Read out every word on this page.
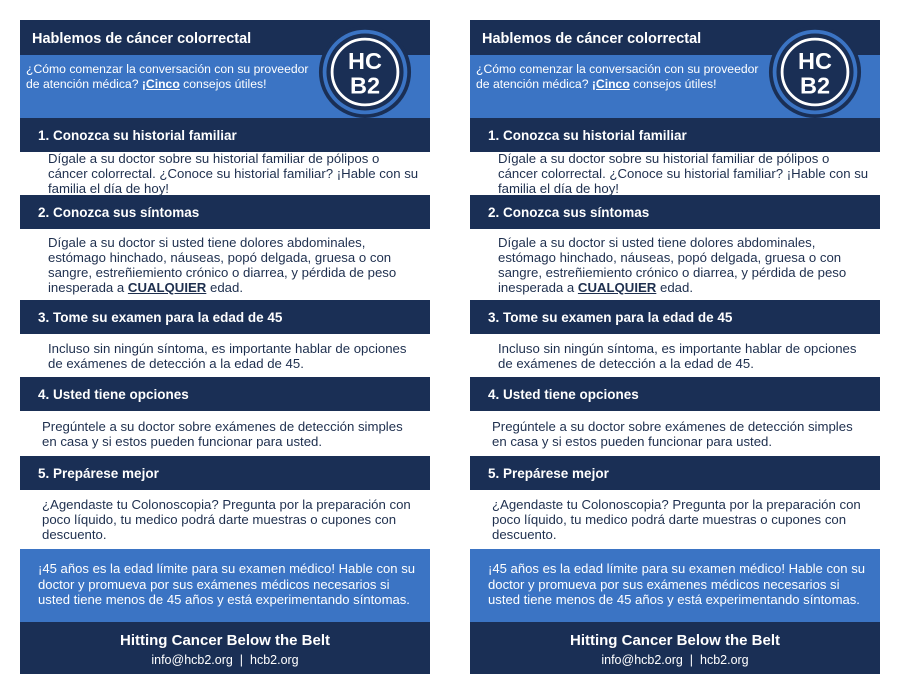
Hablemos de cáncer colorrectal
¿Cómo comenzar la conversación con su proveedor de atención médica? ¡Cinco consejos útiles!
HC
B2
1. Conozca su historial familiar
Dígale a su doctor sobre su historial familiar de pólipos o cáncer colorrectal. ¿Conoce su historial familiar? ¡Hable con su familia el día de hoy!
2. Conozca sus síntomas
Dígale a su doctor si usted tiene dolores abdominales, estómago hinchado, náuseas, popó delgada, gruesa o con sangre, estreñiemiento crónico o diarrea, y pérdida de peso inesperada a CUALQUIER edad.
3. Tome su examen para la edad de 45
Incluso sin ningún síntoma, es importante hablar de opciones de exámenes de detección a la edad de 45.
4. Usted tiene opciones
Pregúntele a su doctor sobre exámenes de detección simples en casa y si estos pueden funcionar para usted.
5. Prepárese mejor
¿Agendaste tu Colonoscopia? Pregunta por la preparación con poco líquido, tu medico podrá darte muestras o cupones con descuento.
¡45 años es la edad límite para su examen médico! Hable con su doctor y promueva por sus exámenes médicos necesarios si usted tiene menos de 45 años y está experimentando síntomas.
Hitting Cancer Below the Belt
info@hcb2.org  |  hcb2.org
Hablemos de cáncer colorrectal
¿Cómo comenzar la conversación con su proveedor de atención médica? ¡Cinco consejos útiles!
HC
B2
1. Conozca su historial familiar
Dígale a su doctor sobre su historial familiar de pólipos o cáncer colorrectal. ¿Conoce su historial familiar? ¡Hable con su familia el día de hoy!
2. Conozca sus síntomas
Dígale a su doctor si usted tiene dolores abdominales, estómago hinchado, náuseas, popó delgada, gruesa o con sangre, estreñiemiento crónico o diarrea, y pérdida de peso inesperada a CUALQUIER edad.
3. Tome su examen para la edad de 45
Incluso sin ningún síntoma, es importante hablar de opciones de exámenes de detección a la edad de 45.
4. Usted tiene opciones
Pregúntele a su doctor sobre exámenes de detección simples en casa y si estos pueden funcionar para usted.
5. Prepárese mejor
¿Agendaste tu Colonoscopia? Pregunta por la preparación con poco líquido, tu medico podrá darte muestras o cupones con descuento.
¡45 años es la edad límite para su examen médico! Hable con su doctor y promueva por sus exámenes médicos necesarios si usted tiene menos de 45 años y está experimentando síntomas.
Hitting Cancer Below the Belt
info@hcb2.org  |  hcb2.org
